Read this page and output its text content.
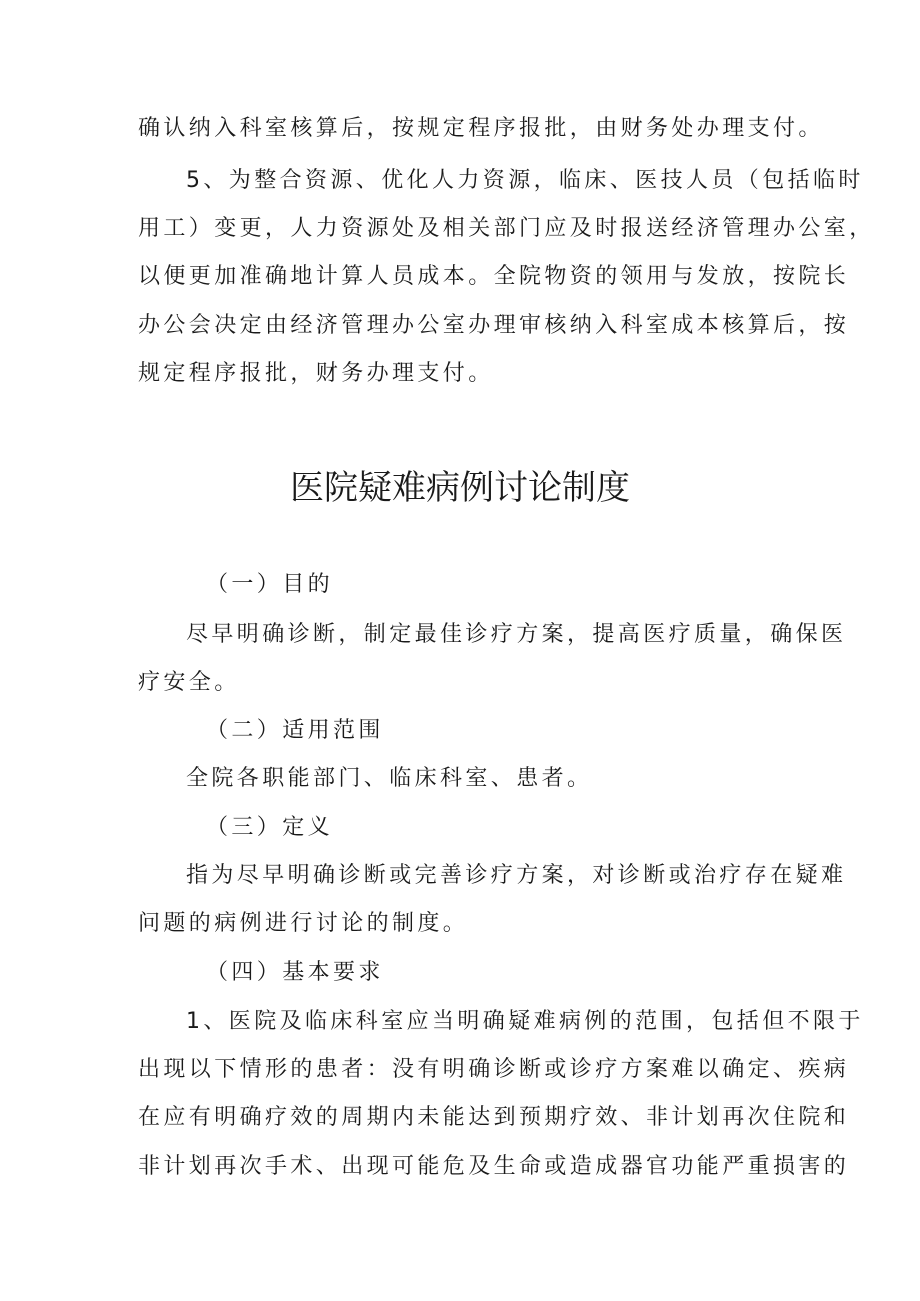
确认纳入科室核算后，按规定程序报批，由财务处办理支付。
5、为整合资源、优化人力资源，临床、医技人员（包括临时
用工）变更，人力资源处及相关部门应及时报送经济管理办公室，
以便更加准确地计算人员成本。全院物资的领用与发放，按院长
办公会决定由经济管理办公室办理审核纳入科室成本核算后，按
规定程序报批，财务办理支付。
医院疑难病例讨论制度
（一）目的
尽早明确诊断，制定最佳诊疗方案，提高医疗质量，确保医
疗安全。
（二）适用范围
全院各职能部门、临床科室、患者。
（三）定义
指为尽早明确诊断或完善诊疗方案，对诊断或治疗存在疑难
问题的病例进行讨论的制度。
（四）基本要求
1、医院及临床科室应当明确疑难病例的范围，包括但不限于
出现以下情形的患者：没有明确诊断或诊疗方案难以确定、疾病
在应有明确疗效的周期内未能达到预期疗效、非计划再次住院和
非计划再次手术、出现可能危及生命或造成器官功能严重损害的
